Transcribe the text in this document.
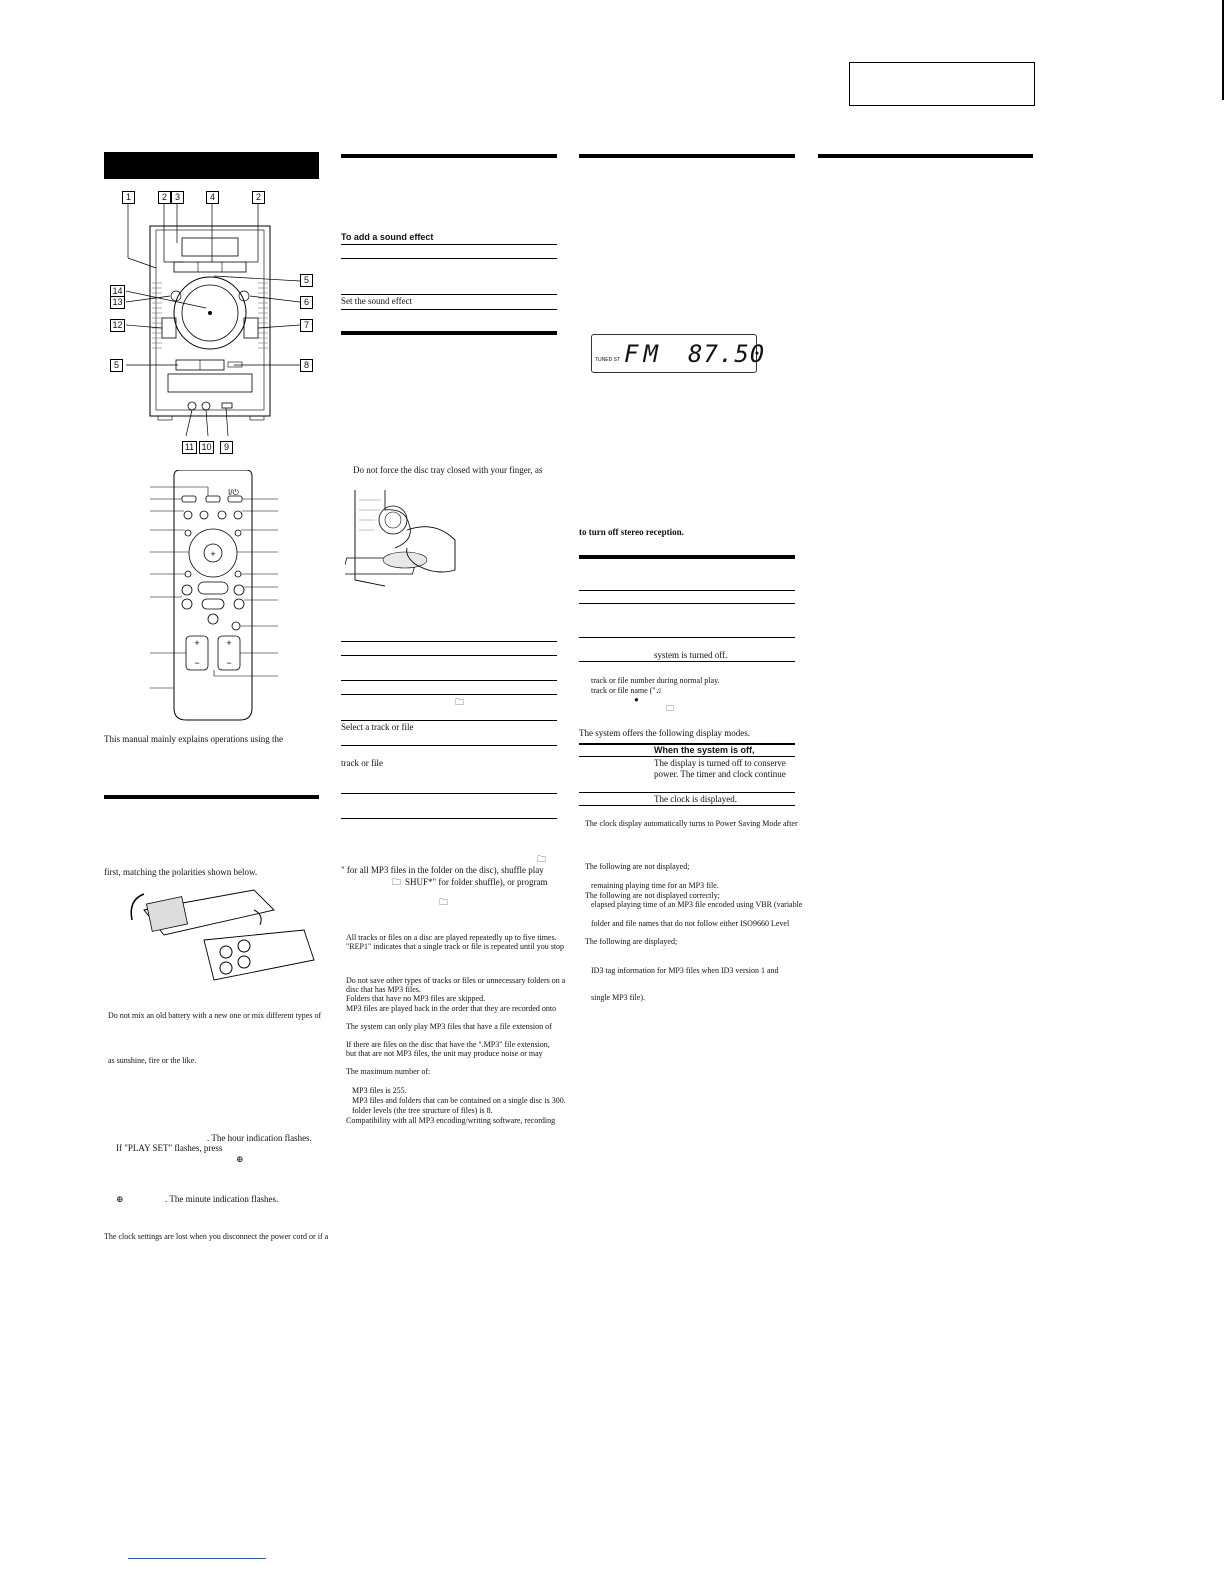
1	2 3	4	2
5
6
7
8
14
13
12
5
11 10	9
+
−
+
−
+
I/⏻
This manual mainly explains operations using the
first, matching the polarities shown below.
Do not mix an old battery with a new one or mix different types of
as sunshine, fire or the like.
. The hour indication flashes.
If "PLAY SET" flashes, press
⊕
⊕	. The minute indication flashes.
The clock settings are lost when you disconnect the power cord or if a
To add a sound effect
Set the sound effect
Do not force the disc tray closed with your finger, as
🗀
Select a track or file
track or file
" for all MP3 files in the folder on the disc), shuffle play
SHUF*" for folder shuffle), or program
🗀
🗀
🗀
All tracks or files on a disc are played repeatedly up to five times.
"REP1" indicates that a single track or file is repeated until you stop
Do not save other types of tracks or files or unnecessary folders on a
disc that has MP3 files.
Folders that have no MP3 files are skipped.
MP3 files are played back in the order that they are recorded onto
The system can only play MP3 files that have a file extension of
If there are files on the disc that have the ".MP3" file extension,
but that are not MP3 files, the unit may produce noise or may
The maximum number of:
MP3 files is 255.
MP3 files and folders that can be contained on a single disc is 300.
folder levels (the tree structure of files) is 8.
Compatibility with all MP3 encoding/writing software, recording
TUNED ST FM 87.50
to turn off stereo reception.
system is turned off.
track or file number during normal play.
track or file name ("♫
●
🗀
The system offers the following display modes.
When the system is off,
The display is turned off to conserve
power. The timer and clock continue
The clock is displayed.
The clock display automatically turns to Power Saving Mode after
The following are not displayed;
remaining playing time for an MP3 file.
The following are not displayed correctly;
elapsed playing time of an MP3 file encoded using VBR (variable
folder and file names that do not follow either ISO9660 Level
The following are displayed;
ID3 tag information for MP3 files when ID3 version 1 and
single MP3 file).
